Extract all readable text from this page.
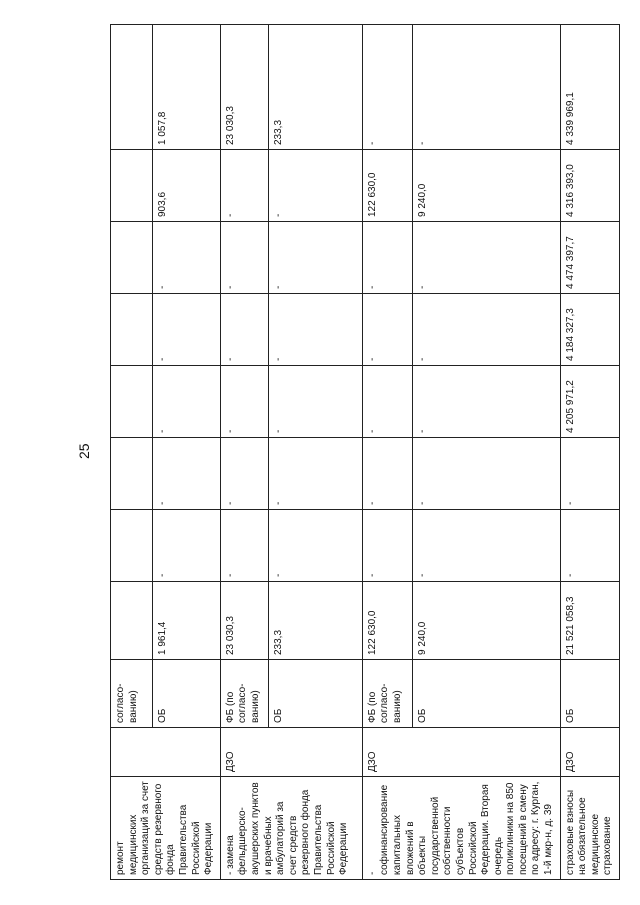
25
ремонт медицинских организаций за счет средств резервного фонда Правительства Российской Федерации		согласо-ванию)								

		ОБ	1 961,4	-	-	-	-	-	903,6	1 057,8

- замена фельдшерско-акушерских пунктов и врачебных амбулаторий за счет средств резервного фонда Правительства Российской Федерации	ДЗО	ФБ (по согласо-ванию)	23 030,3	-	-	-	-	-	-	23 030,3
		ОБ	233,3	-	-	-	-	-	-	233,3

- софинансирование капитальных вложений в объекты государственной собственности субъектов Российской Федерации. Вторая очередь поликлиники на 850 посещений в смену по адресу: г. Курган, 1-й мкр-н, д. 39	ДЗО	ФБ (по согласо-ванию)	122 630,0	-	-	-	-	-	122 630,0	-
		ОБ	9 240,0	-	-	-	-	-	9 240,0	-

страховые взносы на обязательное медицинское страхование	ДЗО	ОБ	21 521 058,3	-	-	4 205 971,2	4 184 327,3	4 474 397,7	4 316 393,0	4 339 969,1
